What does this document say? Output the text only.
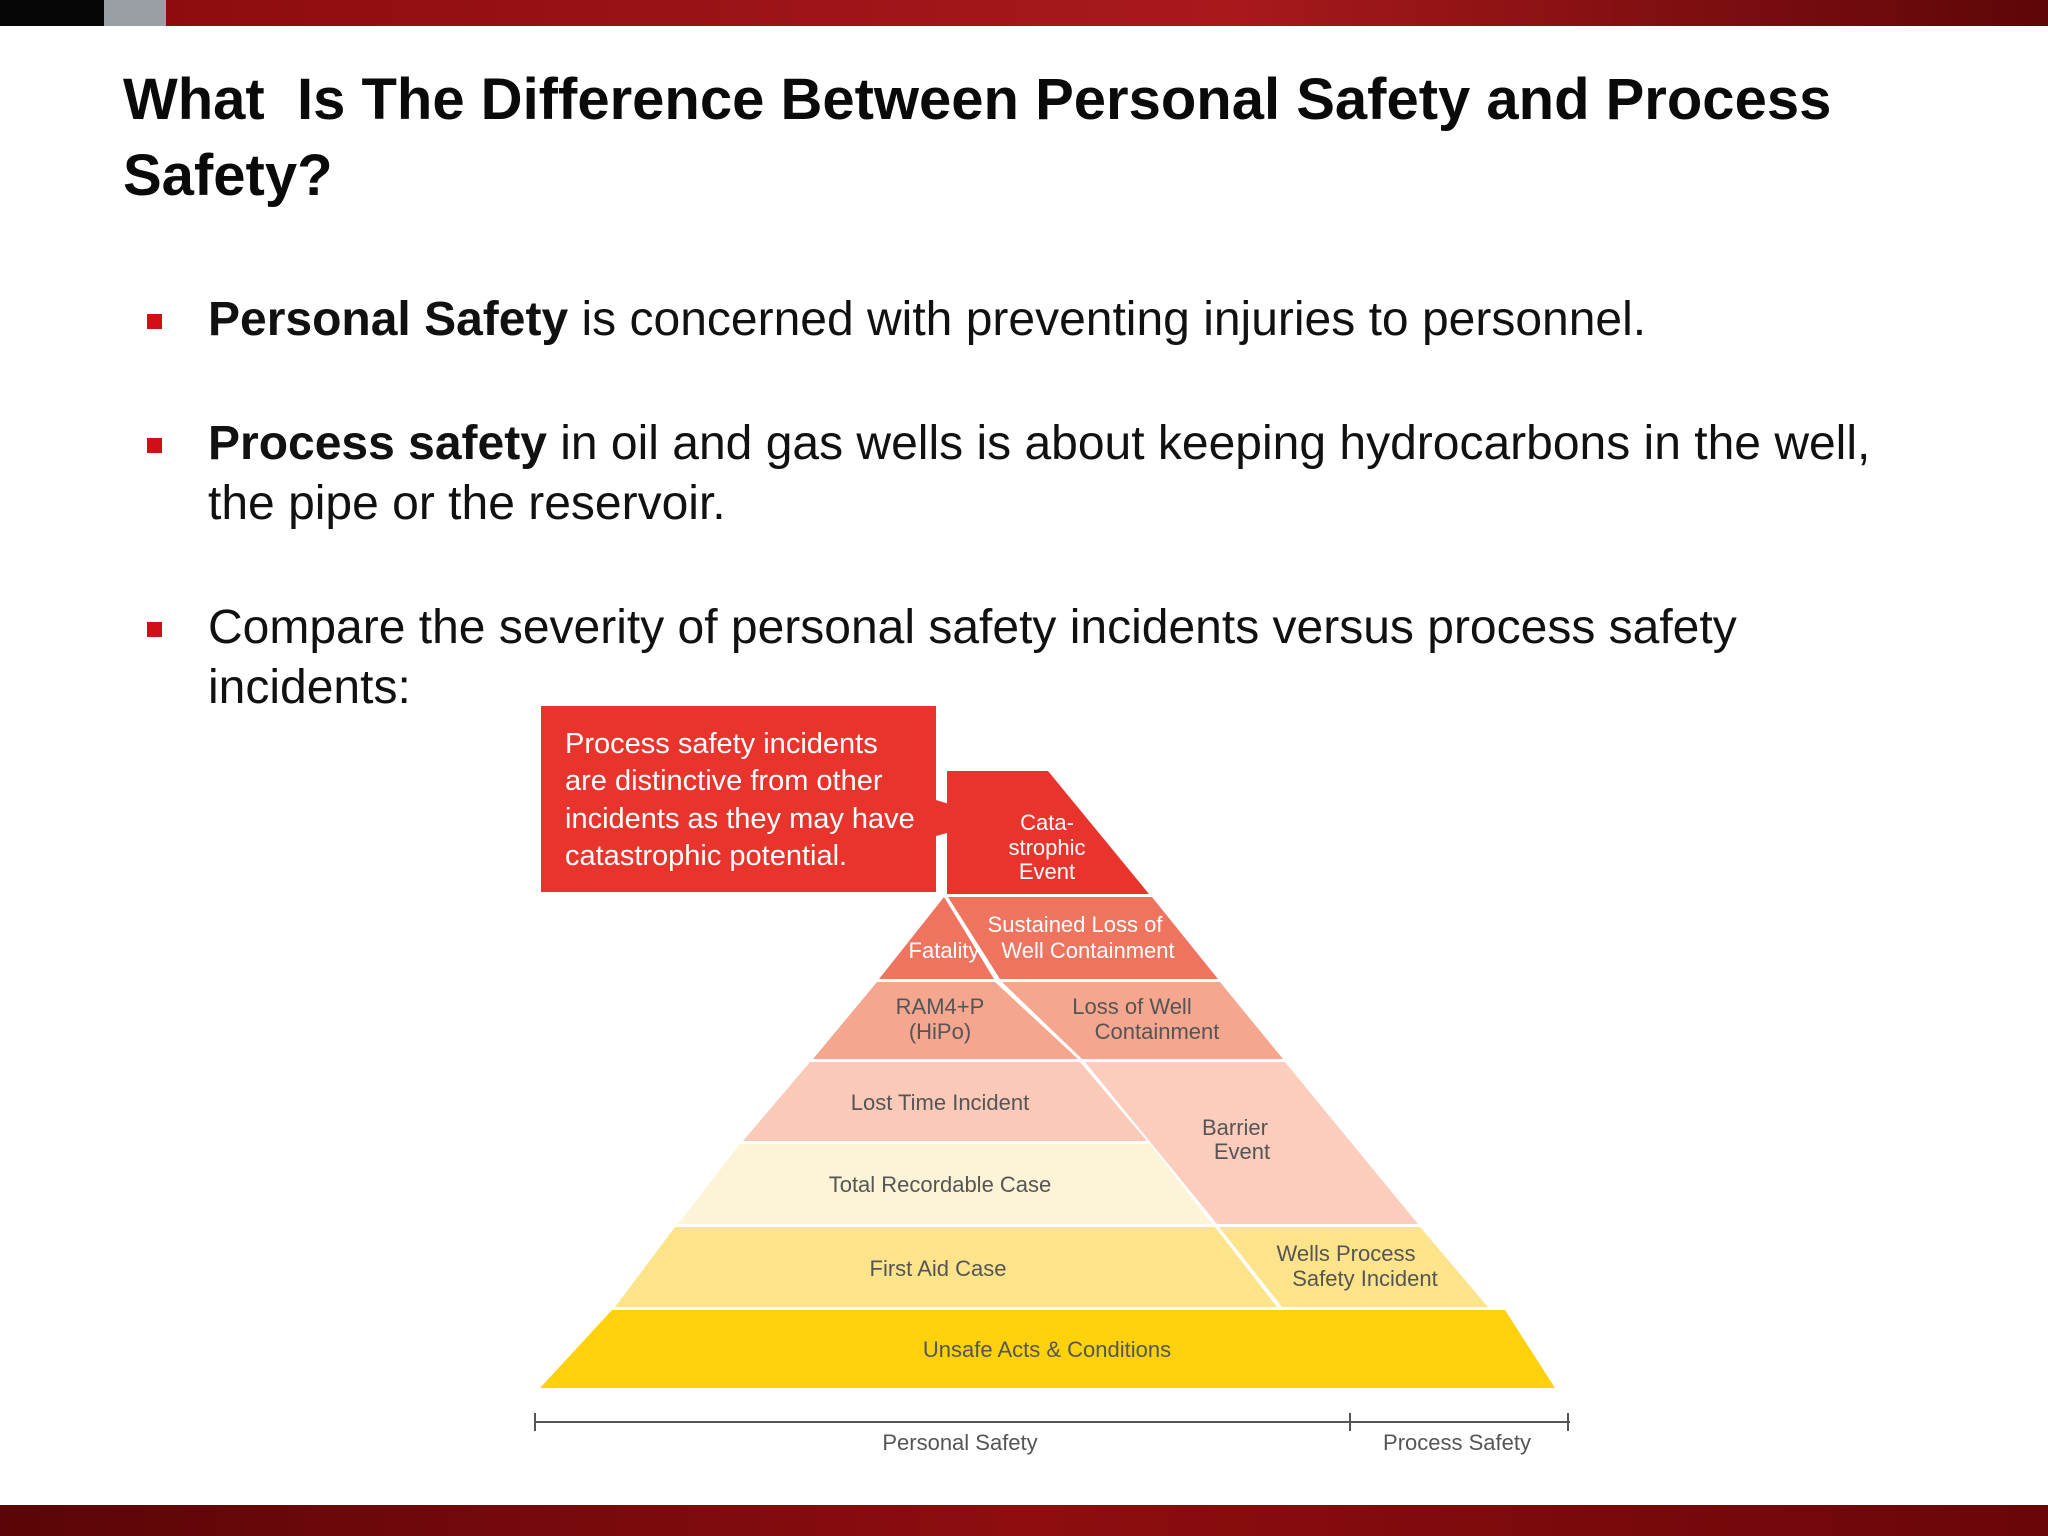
What  Is The Difference Between Personal Safety and Process Safety?
Personal Safety is concerned with preventing injuries to personnel.
Process safety in oil and gas wells is about keeping hydrocarbons in the well, the pipe or the reservoir.
Compare the severity of personal safety incidents versus process safety incidents:
Process safety incidents
are distinctive from other
incidents as they may have
catastrophic potential.
Cata-
strophic
Event
Fatality
RAM4+P
(HiPo)
Lost Time Incident
Total Recordable Case
First Aid Case
Unsafe Acts & Conditions
Sustained Loss of
Well Containment
Loss of Well
Containment
Barrier
Event
Wells Process
Safety Incident
Personal Safety	Process Safety
